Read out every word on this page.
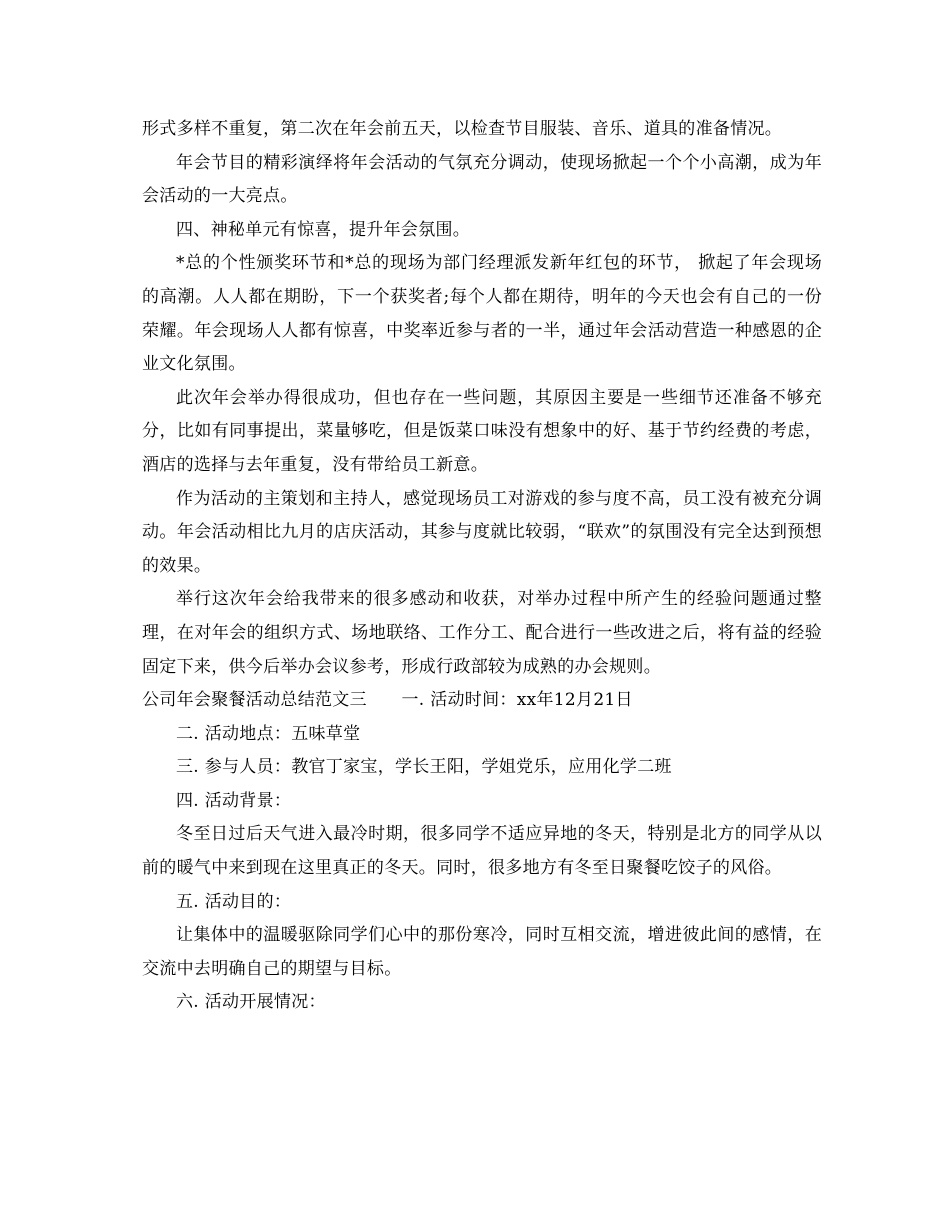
形式多样不重复，第二次在年会前五天，以检查节目服装、音乐、道具的准备情况。

年会节目的精彩演绎将年会活动的气氛充分调动，使现场掀起一个个小高潮，成为年会活动的一大亮点。

四、神秘单元有惊喜，提升年会氛围。

*总的个性颁奖环节和*总的现场为部门经理派发新年红包的环节， 掀起了年会现场的高潮。人人都在期盼，下一个获奖者;每个人都在期待，明年的今天也会有自己的一份荣耀。年会现场人人都有惊喜，中奖率近参与者的一半，通过年会活动营造一种感恩的企业文化氛围。

此次年会举办得很成功，但也存在一些问题，其原因主要是一些细节还准备不够充分，比如有同事提出，菜量够吃，但是饭菜口味没有想象中的好、基于节约经费的考虑，酒店的选择与去年重复，没有带给员工新意。

作为活动的主策划和主持人，感觉现场员工对游戏的参与度不高，员工没有被充分调动。年会活动相比九月的店庆活动，其参与度就比较弱，“联欢”的氛围没有完全达到预想的效果。

举行这次年会给我带来的很多感动和收获，对举办过程中所产生的经验问题通过整理，在对年会的组织方式、场地联络、工作分工、配合进行一些改进之后，将有益的经验固定下来，供今后举办会议参考，形成行政部较为成熟的办会规则。

公司年会聚餐活动总结范文三　　一. 活动时间：xx年12月21日

二. 活动地点：五味草堂

三. 参与人员：教官丁家宝，学长王阳，学姐党乐，应用化学二班

四. 活动背景：

冬至日过后天气进入最冷时期，很多同学不适应异地的冬天，特别是北方的同学从以前的暖气中来到现在这里真正的冬天。同时，很多地方有冬至日聚餐吃饺子的风俗。

五. 活动目的：

让集体中的温暖驱除同学们心中的那份寒冷，同时互相交流，增进彼此间的感情，在交流中去明确自己的期望与目标。

六. 活动开展情况：
